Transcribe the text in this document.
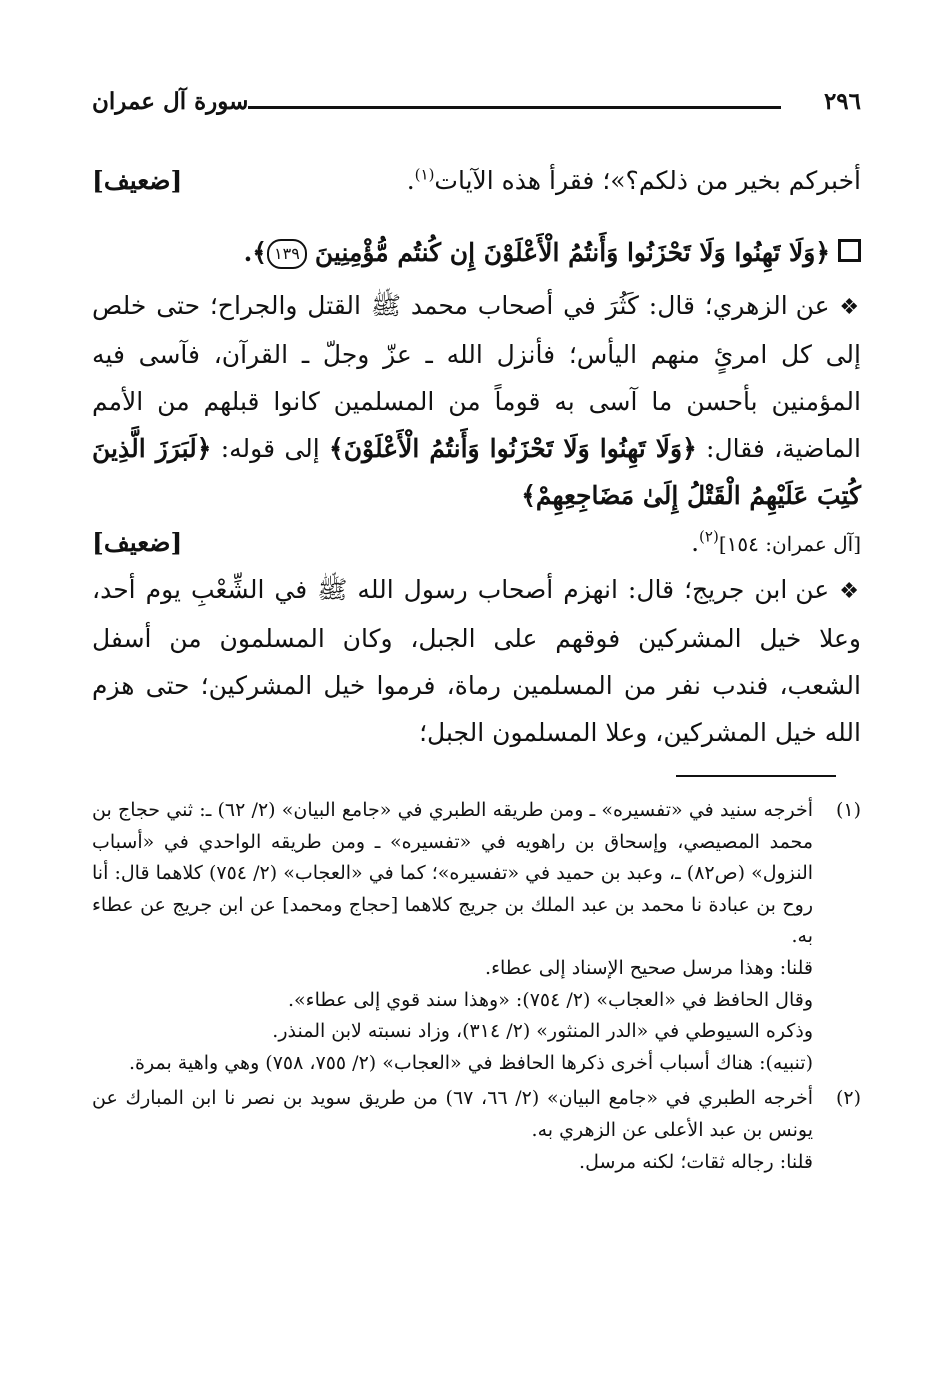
٢٩٦
سورة آل عمران
[ضعيف]	أخبركم بخير من ذلكم؟»؛ فقرأ هذه الآيات$^{(١)}$.
﴿وَلَا تَهِنُوا وَلَا تَحْزَنُوا وَأَنتُمُ الْأَعْلَوْنَ إِن كُنتُم مُّؤْمِنِينَ ١٣٩﴾.
❖ عن الزهري؛ قال: كَثُرَ في أصحاب محمد ﷺ القتل والجراح؛ حتى خلص إلى كل امرئٍ منهم اليأس؛ فأنزل الله ـ عزّ وجلّ ـ القرآن، فآسى فيه المؤمنين بأحسن ما آسى به قوماً من المسلمين كانوا قبلهم من الأمم الماضية، فقال: ﴿وَلَا تَهِنُوا وَلَا تَحْزَنُوا وَأَنتُمُ الْأَعْلَوْنَ﴾ إلى قوله: ﴿لَبَرَزَ الَّذِينَ كُتِبَ عَلَيْهِمُ الْقَتْلُ إِلَىٰ مَضَاجِعِهِمْ﴾

[ضعيف]	[آل عمران: ١٥٤]$^{(٢)}$.
❖ عن ابن جريج؛ قال: انهزم أصحاب رسول الله ﷺ في الشِّعْبِ يوم أحد، وعلا خيل المشركين فوقهم على الجبل، وكان المسلمون من أسفل الشعب، فندب نفر من المسلمين رماة، فرموا خيل المشركين؛ حتى هزم الله خيل المشركين، وعلا المسلمون الجبل؛
(١)

أخرجه سنيد في «تفسيره» ـ ومن طريقه الطبري في «جامع البيان» (٢/ ٦٢) ـ: ثني حجاج بن محمد المصيصي، وإسحاق بن راهويه في «تفسيره» ـ ومن طريقه الواحدي في «أسباب النزول» (ص٨٢) ـ، وعبد بن حميد في «تفسيره»؛ كما في «العجاب» (٢/ ٧٥٤) كلاهما قال: أنا روح بن عبادة نا محمد بن عبد الملك بن جريج كلاهما [حجاج ومحمد] عن ابن جريج عن عطاء به.

قلنا: وهذا مرسل صحيح الإسناد إلى عطاء.

وقال الحافظ في «العجاب» (٢/ ٧٥٤): «وهذا سند قوي إلى عطاء».

وذكره السيوطي في «الدر المنثور» (٢/ ٣١٤)، وزاد نسبته لابن المنذر.

(تنبيه): هناك أسباب أخرى ذكرها الحافظ في «العجاب» (٢/ ٧٥٥، ٧٥٨) وهي واهية بمرة.

(٢)

أخرجه الطبري في «جامع البيان» (٢/ ٦٦، ٦٧) من طريق سويد بن نصر نا ابن المبارك عن يونس بن عبد الأعلى عن الزهري به.

قلنا: رجاله ثقات؛ لكنه مرسل.
